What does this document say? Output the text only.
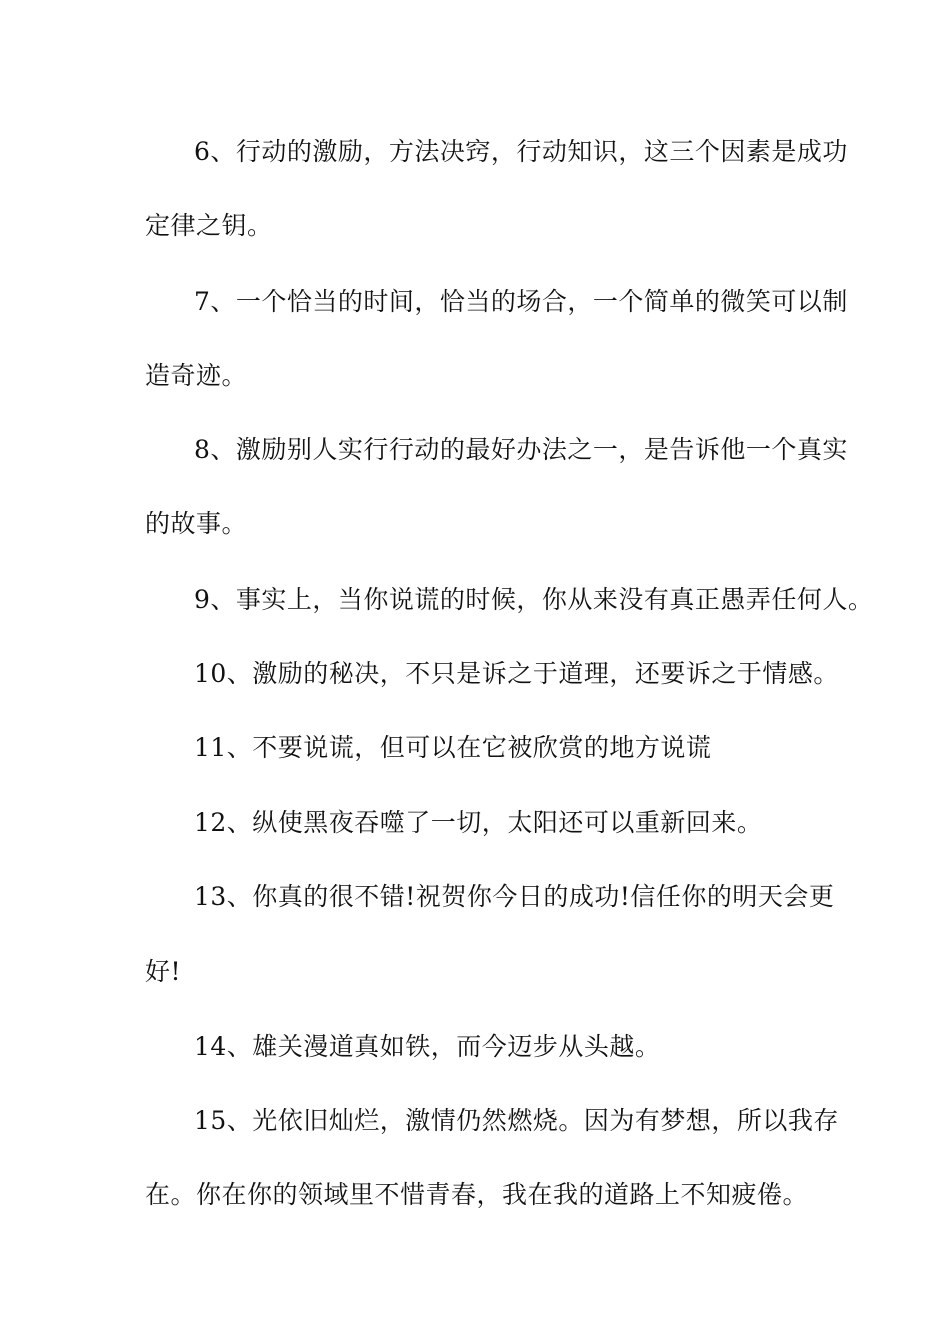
6、行动的激励，方法决窍，行动知识，这三个因素是成功
定律之钥。
7、一个恰当的时间，恰当的场合，一个简单的微笑可以制
造奇迹。
8、激励别人实行行动的最好办法之一，是告诉他一个真实
的故事。
9、事实上，当你说谎的时候，你从来没有真正愚弄任何人。
10、激励的秘决，不只是诉之于道理，还要诉之于情感。
11、不要说谎，但可以在它被欣赏的地方说谎
12、纵使黑夜吞噬了一切，太阳还可以重新回来。
13、你真的很不错!祝贺你今日的成功!信任你的明天会更
好!
14、雄关漫道真如铁，而今迈步从头越。
15、光依旧灿烂，激情仍然燃烧。因为有梦想，所以我存
在。你在你的领域里不惜青春，我在我的道路上不知疲倦。
